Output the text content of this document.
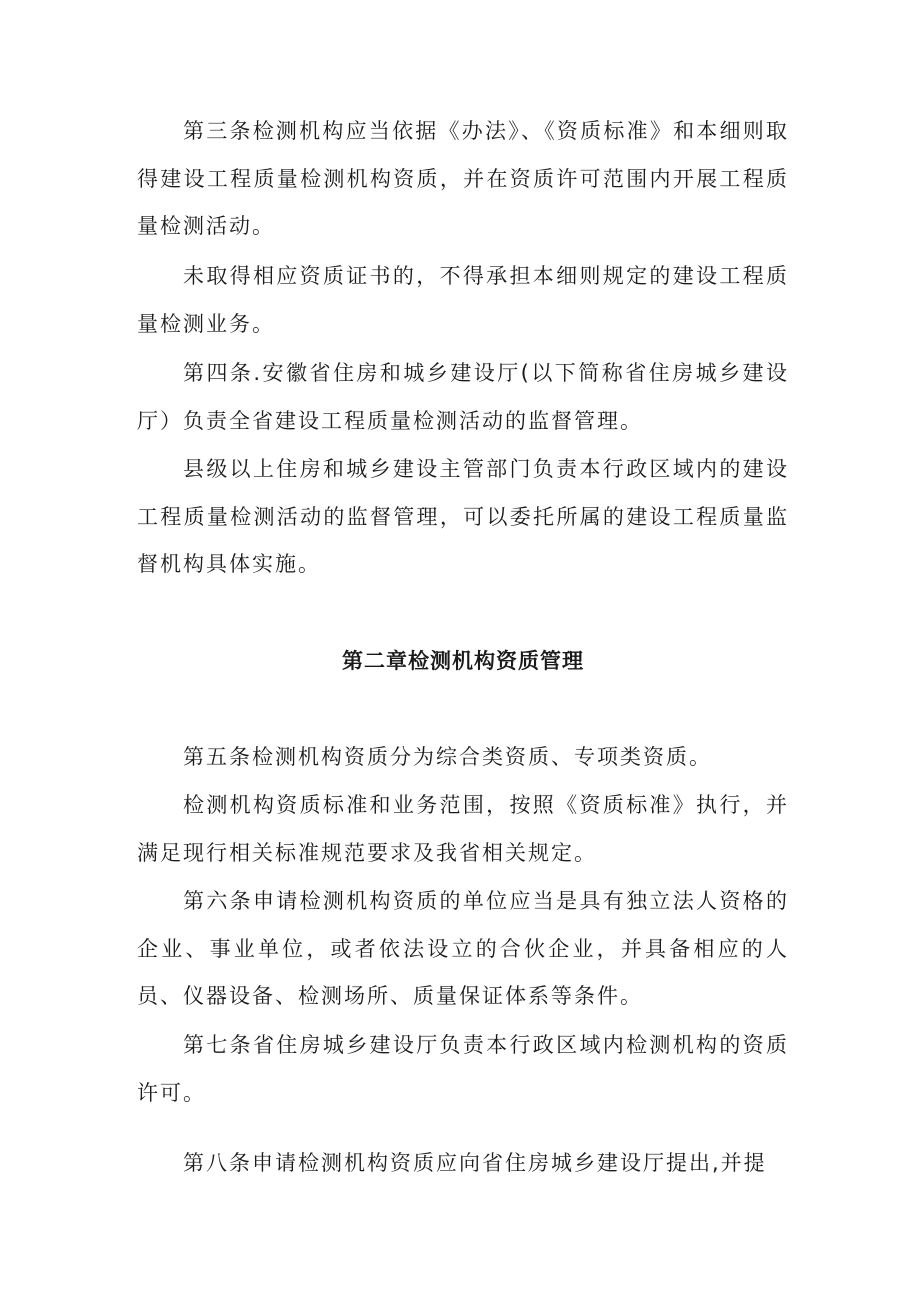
第三条检测机构应当依据《办法》、《资质标准》和本细则取得建设工程质量检测机构资质，并在资质许可范围内开展工程质量检测活动。

未取得相应资质证书的，不得承担本细则规定的建设工程质量检测业务。

第四条.安徽省住房和城乡建设厅(以下简称省住房城乡建设厅）负责全省建设工程质量检测活动的监督管理。

县级以上住房和城乡建设主管部门负责本行政区域内的建设工程质量检测活动的监督管理，可以委托所属的建设工程质量监督机构具体实施。

第二章检测机构资质管理

第五条检测机构资质分为综合类资质、专项类资质。

检测机构资质标准和业务范围，按照《资质标准》执行，并满足现行相关标准规范要求及我省相关规定。

第六条申请检测机构资质的单位应当是具有独立法人资格的企业、事业单位，或者依法设立的合伙企业，并具备相应的人员、仪器设备、检测场所、质量保证体系等条件。

第七条省住房城乡建设厅负责本行政区域内检测机构的资质许可。

第八条申请检测机构资质应向省住房城乡建设厅提出,并提
